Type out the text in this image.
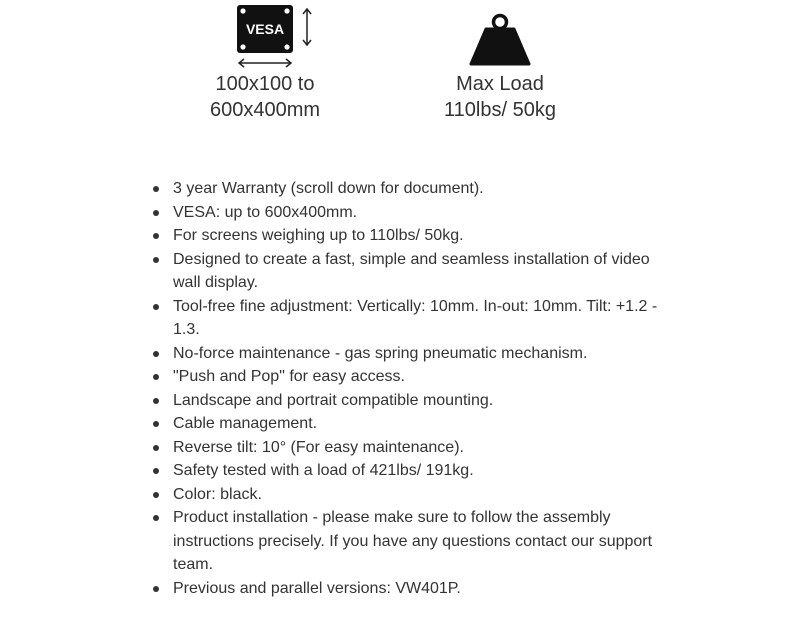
VESA
100x100 to
600x400mm
Max Load
110lbs/ 50kg
3 year Warranty (scroll down for document).
VESA: up to 600x400mm.
For screens weighing up to 110lbs/ 50kg.
Designed to create a fast, simple and seamless installation of video wall display.
Tool-free fine adjustment: Vertically: 10mm. In-out: 10mm. Tilt: +1.2 - 1.3.
No-force maintenance - gas spring pneumatic mechanism.
"Push and Pop" for easy access.
Landscape and portrait compatible mounting.
Cable management.
Reverse tilt: 10° (For easy maintenance).
Safety tested with a load of 421lbs/ 191kg.
Color: black.
Product installation - please make sure to follow the assembly instructions precisely. If you have any questions contact our support team.
Previous and parallel versions: VW401P.
